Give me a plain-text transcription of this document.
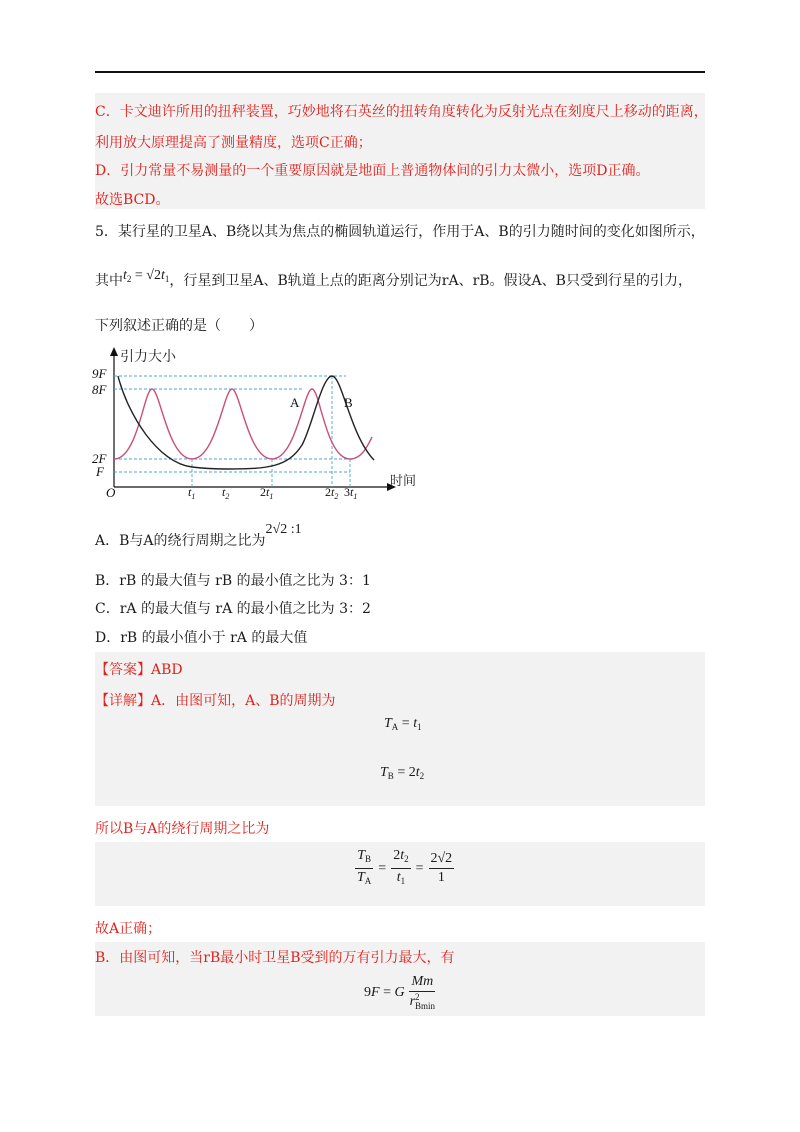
C．卡文迪许所用的扭秤装置，巧妙地将石英丝的扭转角度转化为反射光点在刻度尺上移动的距离，
利用放大原理提高了测量精度，选项C正确；
D．引力常量不易测量的一个重要原因就是地面上普通物体间的引力太微小，选项D正确。
故选BCD。
5．某行星的卫星A、B绕以其为焦点的椭圆轨道运行，作用于A、B的引力随时间的变化如图所示，
其中$t_2 = √2t_1$，行星到卫星A、B轨道上点的距离分别记为rA、rB。假设A、B只受到行星的引力，
下列叙述正确的是（　　）
引力大小
时间
9F
8F
2F
F
O	$t_1$ $t_2$	$2t_1$	$2t_2$ $3t_1$
A	B
A．B与A的绕行周期之比为2√2 :1
B．rB 的最大值与 rB 的最小值之比为 3：1
C．rA 的最大值与 rA 的最小值之比为 3：2
D．rB 的最小值小于 rA 的最大值
【答案】ABD
【详解】A．由图可知，A、B的周期为
$T_A = t_1$
$T_B = 2t_2$
所以B与A的绕行周期之比为
$\frac{T_B}{T_A} = \frac{2t_2}{t_1} = \frac{2√2}{1}$
故A正确；
B．由图可知，当rB最小时卫星B受到的万有引力最大，有
9F = G Mm
r 2
Bmin
